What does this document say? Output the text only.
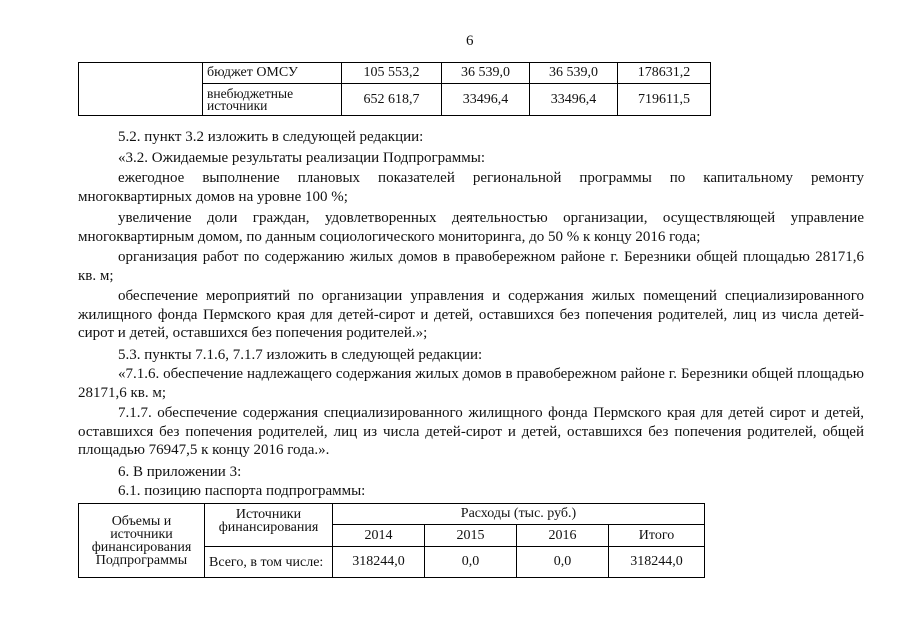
6
	бюджет ОМСУ	105 553,2	36 539,0	36 539,0	178631,2
	внебюджетные источники	652 618,7	33496,4	33496,4	719611,5

5.2. пункт 3.2 изложить в следующей редакции:

«3.2. Ожидаемые результаты реализации Подпрограммы:

ежегодное выполнение плановых показателей региональной программы по капитальному ремонту многоквартирных домов на уровне 100 %;

увеличение доли граждан, удовлетворенных деятельностью организации, осуществляющей управление многоквартирным домом, по данным социологического мониторинга, до 50 % к концу 2016 года;

организация работ по содержанию жилых домов в правобережном районе г. Березники общей площадью 28171,6 кв. м;

обеспечение мероприятий по организации управления и содержания жилых помещений специализированного жилищного фонда Пермского края для детей-сирот и детей, оставшихся без попечения родителей, лиц из числа детей-сирот и детей, оставшихся без попечения родителей.»;

5.3. пункты 7.1.6, 7.1.7 изложить в следующей редакции:

«7.1.6. обеспечение надлежащего содержания жилых домов в правобережном районе г. Березники общей площадью 28171,6 кв. м;

7.1.7. обеспечение содержания специализированного жилищного фонда Пермского края для детей сирот и детей, оставшихся без попечения родителей, лиц из числа детей-сирот и детей, оставшихся без попечения родителей, общей площадью 76947,5 к концу 2016 года.».

6. В приложении 3:

6.1. позицию паспорта подпрограммы:

Объемы и источники финансирования Подпрограммы	Источники финансирования	Расходы (тыс. руб.)			
		2014	2015	2016	Итого
	Всего, в том числе:	318244,0	0,0	0,0	318244,0
